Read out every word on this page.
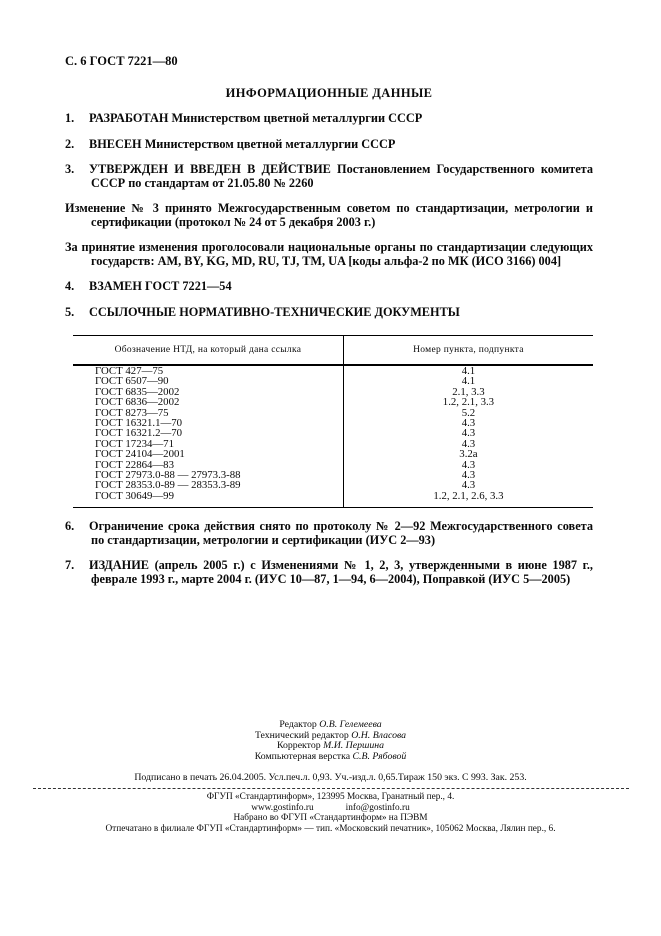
С. 6 ГОСТ 7221—80
ИНФОРМАЦИОННЫЕ ДАННЫЕ
1. РАЗРАБОТАН Министерством цветной металлургии СССР
2. ВНЕСЕН Министерством цветной металлургии СССР
3. УТВЕРЖДЕН И ВВЕДЕН В ДЕЙСТВИЕ Постановлением Государственного комитета СССР по стандартам от 21.05.80 № 2260
Изменение № 3 принято Межгосударственным советом по стандартизации, метрологии и сертификации (протокол № 24 от 5 декабря 2003 г.)
За принятие изменения проголосовали национальные органы по стандартизации следующих государств: AM, BY, KG, MD, RU, TJ, TM, UA [коды альфа-2 по МК (ИСО 3166) 004]
4. ВЗАМЕН ГОСТ 7221—54
5. ССЫЛОЧНЫЕ НОРМАТИВНО-ТЕХНИЧЕСКИЕ ДОКУМЕНТЫ
Обозначение НТД, на который дана ссылка	Номер пункта, подпункта
ГОСТ 427—75	4.1
ГОСТ 6507—90	4.1
ГОСТ 6835—2002	2.1, 3.3
ГОСТ 6836—2002	1.2, 2.1, 3.3
ГОСТ 8273—75	5.2
ГОСТ 16321.1—70	4.3
ГОСТ 16321.2—70	4.3
ГОСТ 17234—71	4.3
ГОСТ 24104—2001	3.2а
ГОСТ 22864—83	4.3
ГОСТ 27973.0-88 — 27973.3-88	4.3
ГОСТ 28353.0-89 — 28353.3-89	4.3
ГОСТ 30649—99	1.2, 2.1, 2.6, 3.3
6. Ограничение срока действия снято по протоколу № 2—92 Межгосударственного совета по стандартизации, метрологии и сертификации (ИУС 2—93)
7. ИЗДАНИЕ (апрель 2005 г.) с Изменениями № 1, 2, 3, утвержденными в июне 1987 г., феврале 1993 г., марте 2004 г. (ИУС 10—87, 1—94, 6—2004), Поправкой (ИУС 5—2005)
Редактор О.В. Гелемеева
Технический редактор О.Н. Власова
Корректор М.И. Першина
Компьютерная верстка С.В. Рябовой
Подписано в печать 26.04.2005. Усл.печ.л. 0,93. Уч.-изд.л. 0,65.Тираж 150 экз. С 993. Зак. 253.
ФГУП «Стандартинформ», 123995 Москва, Гранатный пер., 4.
www.gostinfo.ru	info@gostinfo.ru
Набрано во ФГУП «Стандартинформ» на ПЭВМ
Отпечатано в филиале ФГУП «Стандартинформ» — тип. «Московский печатник», 105062 Москва, Лялин пер., 6.
